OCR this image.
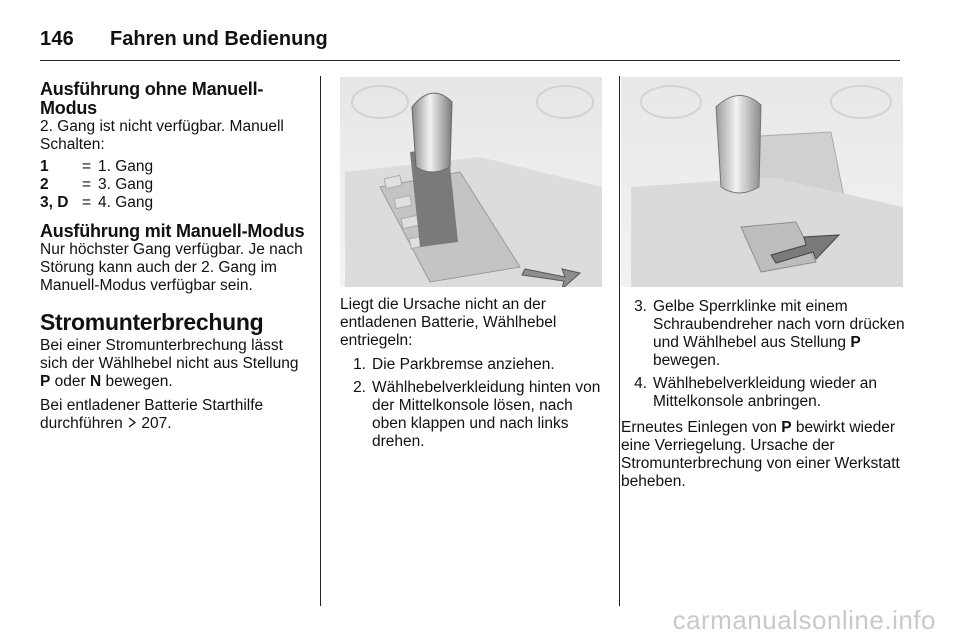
146 Fahren und Bedienung
Ausführung ohne Manuell-Modus

2. Gang ist nicht verfügbar. Manuell Schalten:

1	= 1. Gang
2	= 3. Gang
3, D = 4. Gang
Ausführung mit Manuell-Modus

Nur höchster Gang verfügbar. Je nach Störung kann auch der 2. Gang im Manuell-Modus verfügbar sein.

Stromunterbrechung

Bei einer Stromunterbrechung lässt sich der Wählhebel nicht aus Stellung P oder N bewegen.

Bei entladener Batterie Starthilfe durchführen  207.

Liegt die Ursache nicht an der entladenen Batterie, Wählhebel entriegeln:

1. Die Parkbremse anziehen.
2. Wählhebelverkleidung hinten von der Mittelkonsole lösen, nach oben klappen und nach links drehen.
3. Gelbe Sperrklinke mit einem Schraubendreher nach vorn drücken und Wählhebel aus Stellung P bewegen.
4. Wählhebelverkleidung wieder an Mittelkonsole anbringen.

Erneutes Einlegen von P bewirkt wieder eine Verriegelung. Ursache der Stromunterbrechung von einer Werkstatt beheben.

carmanualsonline.info
